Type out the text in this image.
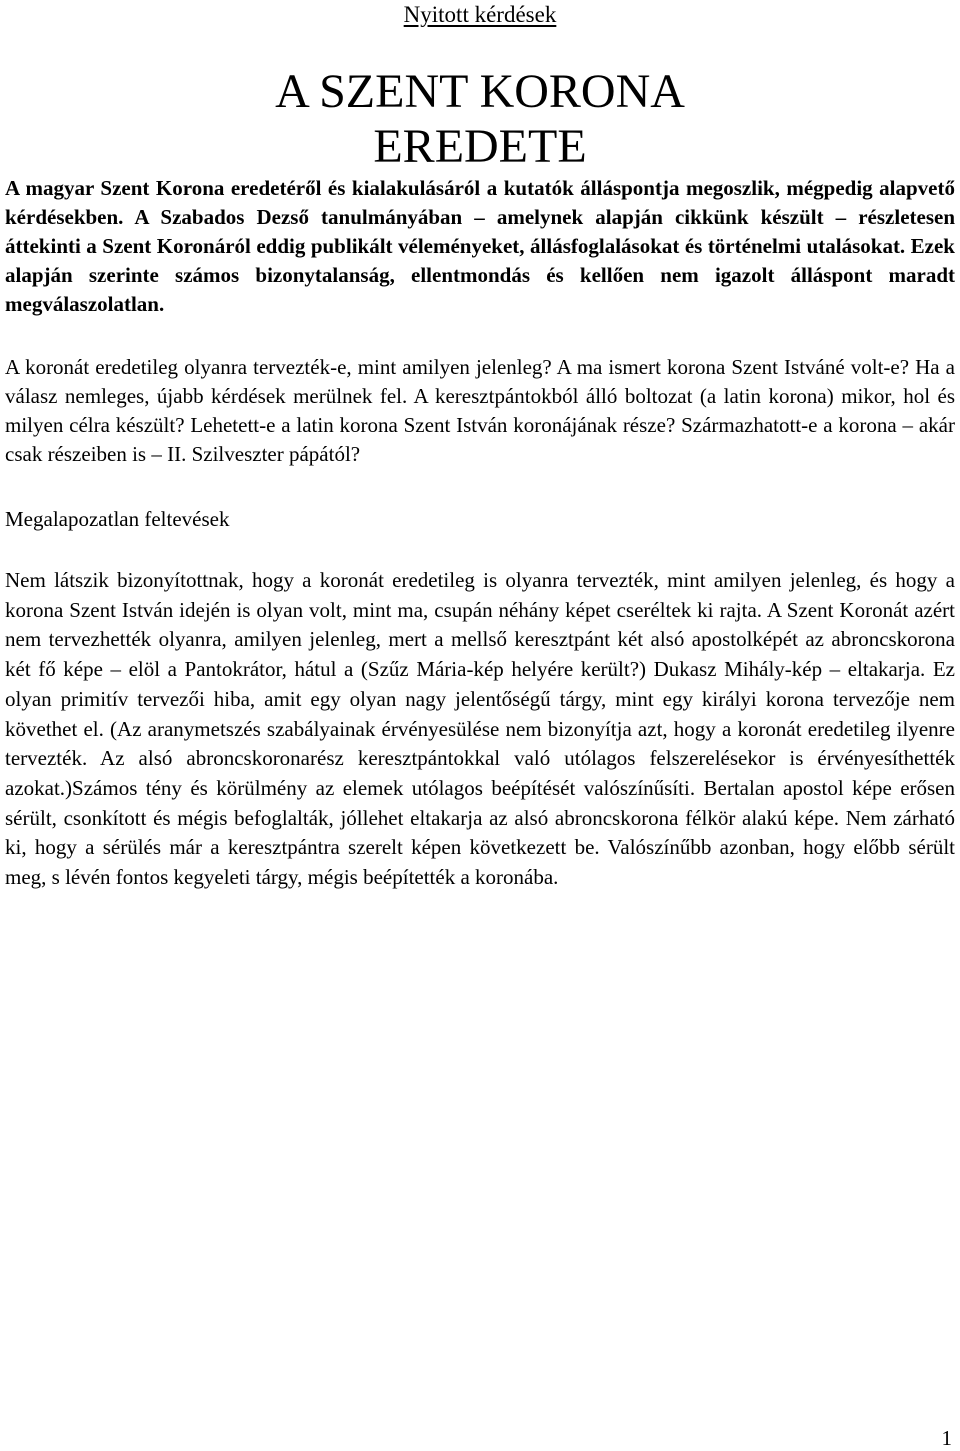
Nyitott kérdések
A SZENT KORONA
EREDETE

A magyar Szent Korona eredetéről és kialakulásáról a kutatók álláspontja megoszlik, mégpedig alapvető kérdésekben. A Szabados Dezső tanulmányában – amelynek alapján cikkünk készült – részletesen áttekinti a Szent Koronáról eddig publikált véleményeket, állásfoglalásokat és történelmi utalásokat. Ezek alapján szerinte számos bizonytalanság, ellentmondás és kellően nem igazolt álláspont maradt megválaszolatlan.

A koronát eredetileg olyanra tervezték-e, mint amilyen jelenleg? A ma ismert korona Szent Istváné volt-e? Ha a válasz nemleges, újabb kérdések merülnek fel. A keresztpántokból álló boltozat (a latin korona) mikor, hol és milyen célra készült? Lehetett-e a latin korona Szent István koronájának része? Származhatott-e a korona – akár csak részeiben is – II. Szilveszter pápától?

Megalapozatlan feltevések

Nem látszik bizonyítottnak, hogy a koronát eredetileg is olyanra tervezték, mint amilyen jelenleg, és hogy a korona Szent István idején is olyan volt, mint ma, csupán néhány képet cseréltek ki rajta. A Szent Koronát azért nem tervezhették olyanra, amilyen jelenleg, mert a mellső keresztpánt két alsó apostolképét az abroncskorona két fő képe – elöl a Pantokrátor, hátul a (Szűz Mária-kép helyére került?) Dukasz Mihály-kép – eltakarja. Ez olyan primitív tervezői hiba, amit egy olyan nagy jelentőségű tárgy, mint egy királyi korona tervezője nem követhet el. (Az aranymetszés szabályainak érvényesülése nem bizonyítja azt, hogy a koronát eredetileg ilyenre tervezték. Az alsó abroncskoronarész keresztpántokkal való utólagos felszerelésekor is érvényesíthették azokat.)Számos tény és körülmény az elemek utólagos beépítését valószínűsíti. Bertalan apostol képe erősen sérült, csonkított és mégis befoglalták, jóllehet eltakarja az alsó abroncskorona félkör alakú képe. Nem zárható ki, hogy a sérülés már a keresztpántra szerelt képen következett be. Valószínűbb azonban, hogy előbb sérült meg, s lévén fontos kegyeleti tárgy, mégis beépítették a koronába.

1
